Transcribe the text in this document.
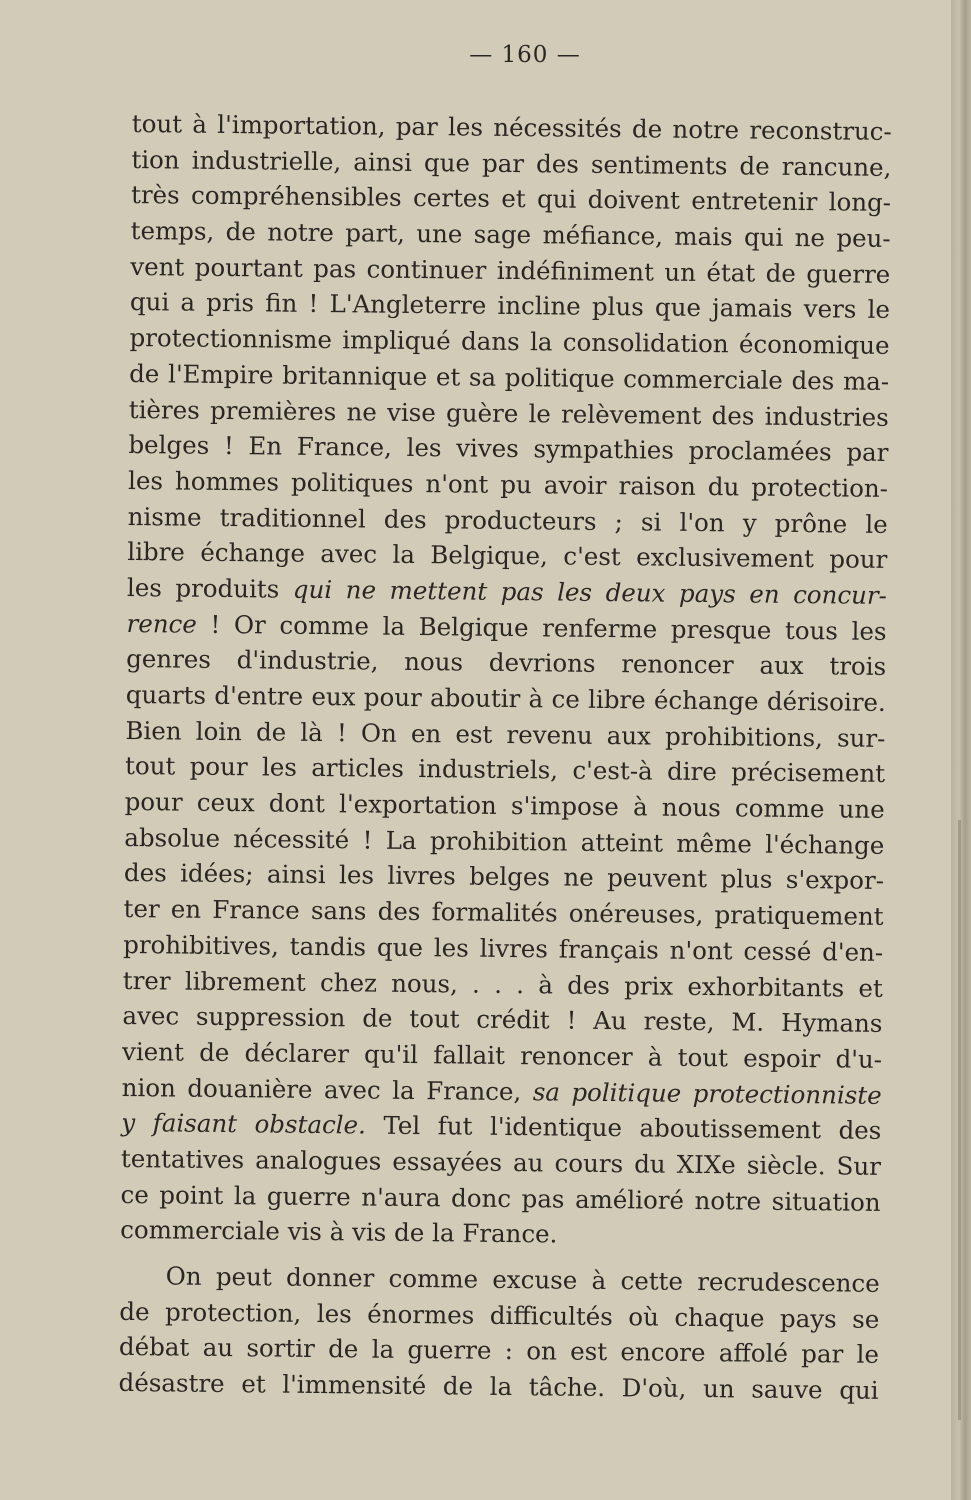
— 160 —
tout à l'importation, par les nécessités de notre reconstruc-
tion industrielle, ainsi que par des sentiments de rancune,
très compréhensibles certes et qui doivent entretenir long-
temps, de notre part, une sage méfiance, mais qui ne peu-
vent pourtant pas continuer indéfiniment un état de guerre
qui a pris fin ! L'Angleterre incline plus que jamais vers le
protectionnisme impliqué dans la consolidation économique
de l'Empire britannique et sa politique commerciale des ma-
tières premières ne vise guère le relèvement des industries
belges ! En France, les vives sympathies proclamées par
les hommes politiques n'ont pu avoir raison du protection-
nisme traditionnel des producteurs ; si l'on y prône le
libre échange avec la Belgique, c'est exclusivement pour
les produits qui ne mettent pas les deux pays en concur-
rence ! Or comme la Belgique renferme presque tous les
genres d'industrie, nous devrions renoncer aux trois
quarts d'entre eux pour aboutir à ce libre échange dérisoire.
Bien loin de là ! On en est revenu aux prohibitions, sur-
tout pour les articles industriels, c'est-à dire précisement
pour ceux dont l'exportation s'impose à nous comme une
absolue nécessité ! La prohibition atteint même l'échange
des idées; ainsi les livres belges ne peuvent plus s'expor-
ter en France sans des formalités onéreuses, pratiquement
prohibitives, tandis que les livres français n'ont cessé d'en-
trer librement chez nous, . . . à des prix exhorbitants et
avec suppression de tout crédit ! Au reste, M. Hymans
vient de déclarer qu'il fallait renoncer à tout espoir d'u-
nion douanière avec la France, sa politique protectionniste
y faisant obstacle. Tel fut l'identique aboutissement des
tentatives analogues essayées au cours du XIXe siècle. Sur
ce point la guerre n'aura donc pas amélioré notre situation
commerciale vis à vis de la France.
On peut donner comme excuse à cette recrudescence
de protection, les énormes difficultés où chaque pays se
débat au sortir de la guerre : on est encore affolé par le
désastre et l'immensité de la tâche. D'où, un sauve qui
